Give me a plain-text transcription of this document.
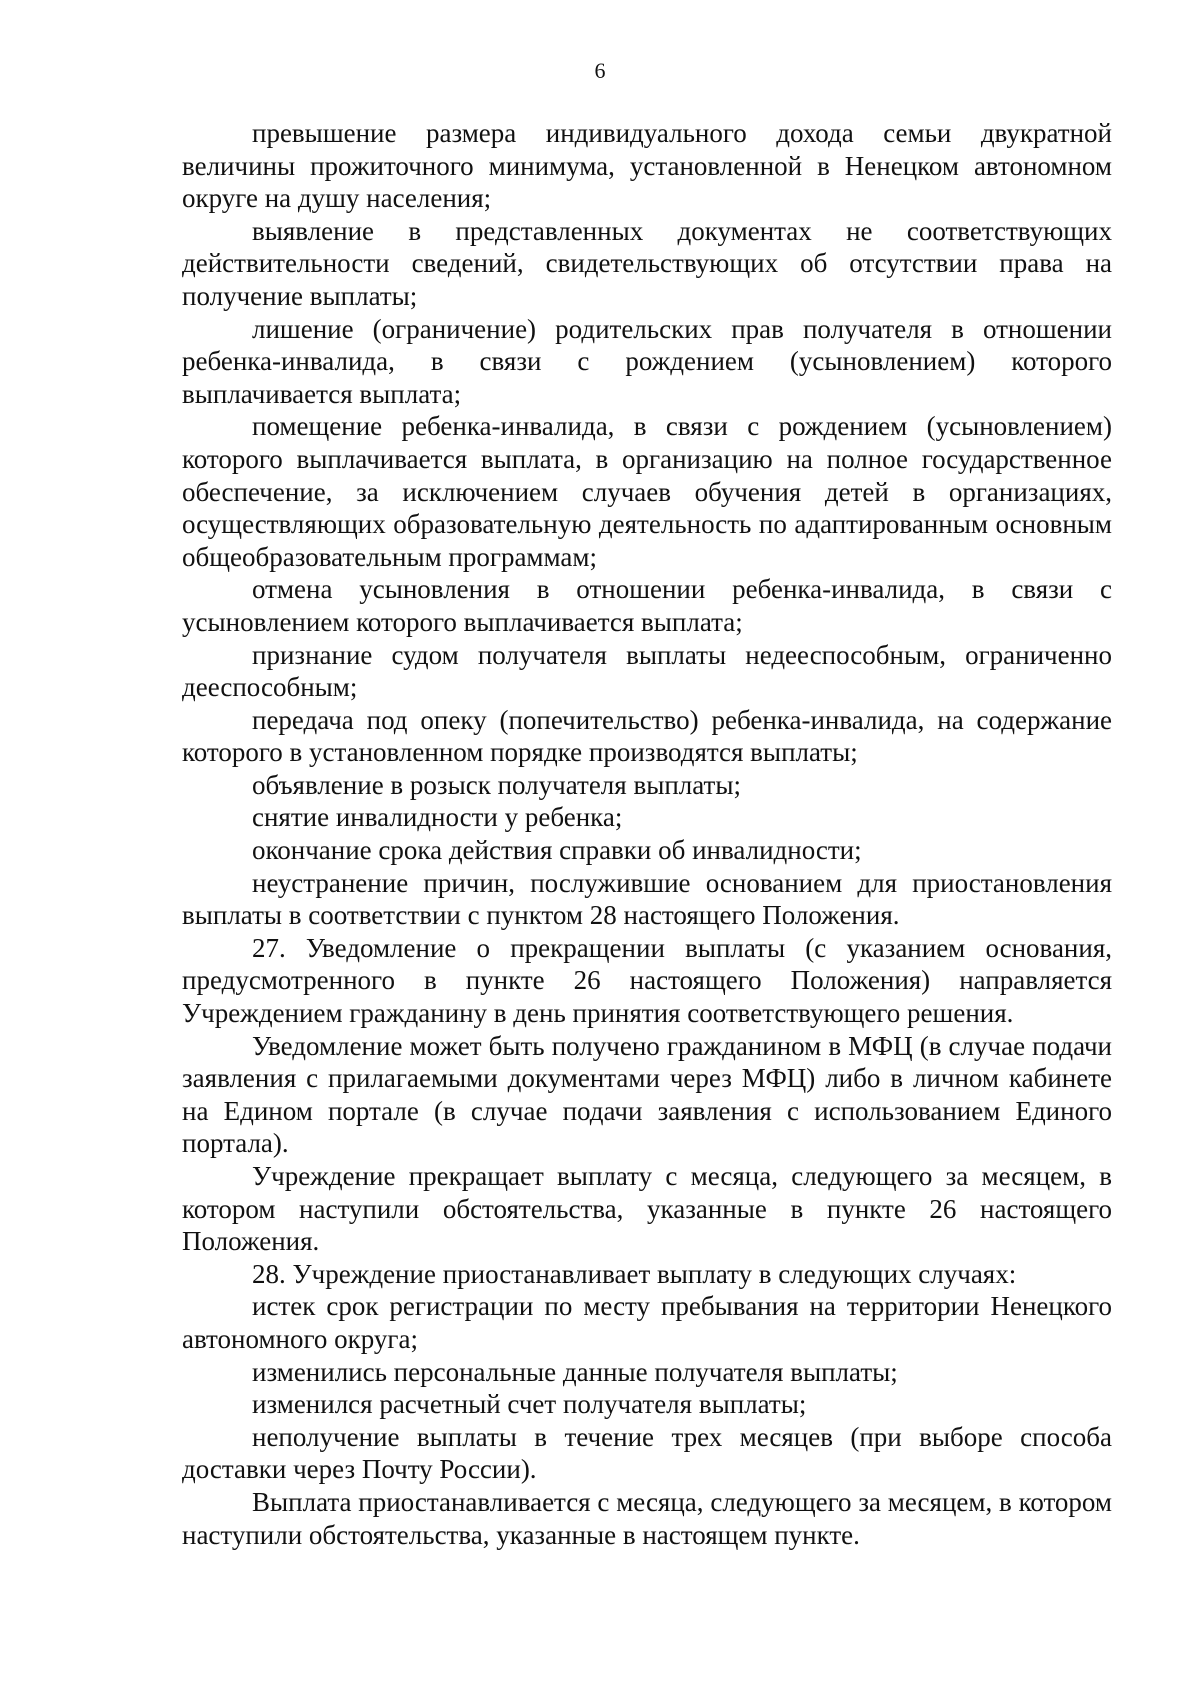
6

превышение размера индивидуального дохода семьи двукратной величины прожиточного минимума, установленной в Ненецком автономном округе на душу населения;

выявление в представленных документах не соответствующих действительности сведений, свидетельствующих об отсутствии права на получение выплаты;

лишение (ограничение) родительских прав получателя в отношении ребенка-инвалида, в связи с рождением (усыновлением) которого выплачивается выплата;

помещение ребенка-инвалида, в связи с рождением (усыновлением) которого выплачивается выплата, в организацию на полное государственное обеспечение, за исключением случаев обучения детей в организациях, осуществляющих образовательную деятельность по адаптированным основным общеобразовательным программам;

отмена усыновления в отношении ребенка-инвалида, в связи с усыновлением которого выплачивается выплата;

признание судом получателя выплаты недееспособным, ограниченно дееспособным;

передача под опеку (попечительство) ребенка-инвалида, на содержание которого в установленном порядке производятся выплаты;

объявление в розыск получателя выплаты;

снятие инвалидности у ребенка;

окончание срока действия справки об инвалидности;

неустранение причин, послужившие основанием для приостановления выплаты в соответствии с пунктом 28 настоящего Положения.

27. Уведомление о прекращении выплаты (с указанием основания, предусмотренного в пункте 26 настоящего Положения) направляется Учреждением гражданину в день принятия соответствующего решения.

Уведомление может быть получено гражданином в МФЦ (в случае подачи заявления с прилагаемыми документами через МФЦ) либо в личном кабинете на Едином портале (в случае подачи заявления с использованием Единого портала).

Учреждение прекращает выплату с месяца, следующего за месяцем, в котором наступили обстоятельства, указанные в пункте 26 настоящего Положения.

28. Учреждение приостанавливает выплату в следующих случаях:

истек срок регистрации по месту пребывания на территории Ненецкого автономного округа;

изменились персональные данные получателя выплаты;

изменился расчетный счет получателя выплаты;

неполучение выплаты в течение трех месяцев (при выборе способа доставки через Почту России).

Выплата приостанавливается с месяца, следующего за месяцем, в котором наступили обстоятельства, указанные в настоящем пункте.
